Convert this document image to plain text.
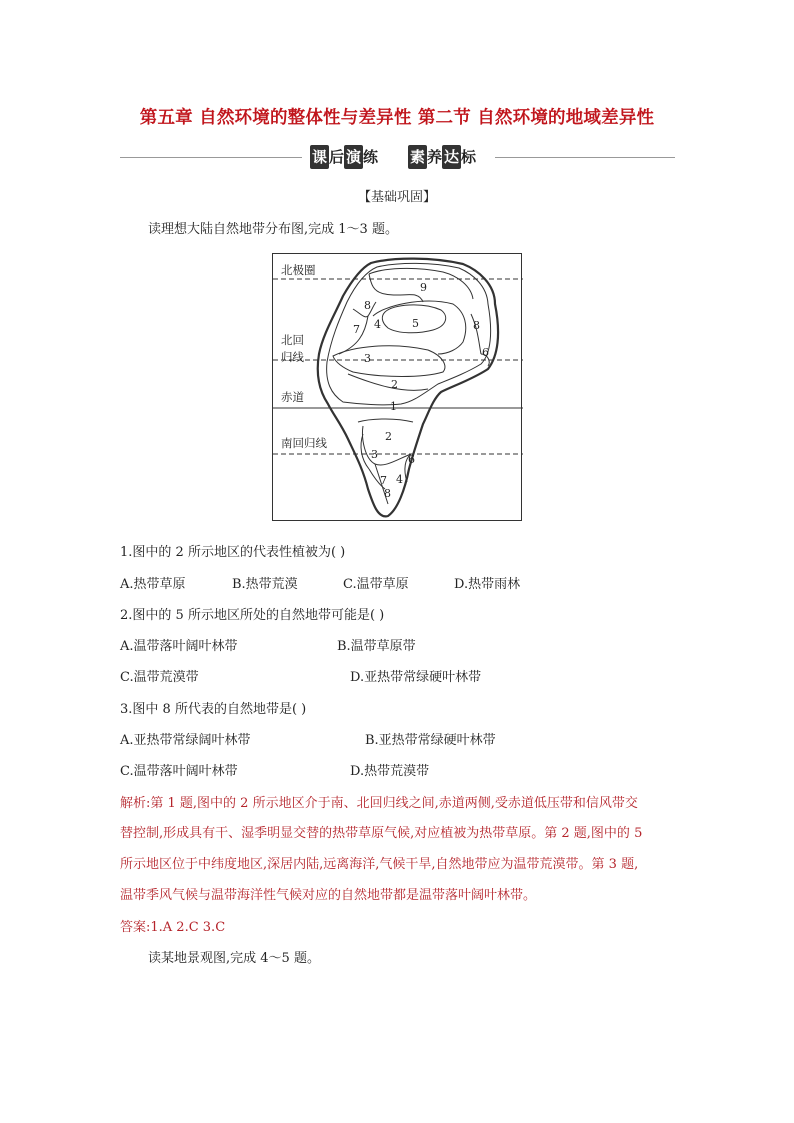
第五章 自然环境的整体性与差异性 第二节 自然环境的地域差异性
课 后 演 练 素 养 达 标
【基础巩固】
读理想大陆自然地带分布图,完成 1～3 题。
北极圈
北回
归线
赤道
南回归线
9
8
7 4	5	8
3	6
2
1
2
3	6
7 4
8
1.图中的 2 所示地区的代表性植被为( )
A.热带草原	B.热带荒漠	C.温带草原	D.热带雨林
2.图中的 5 所示地区所处的自然地带可能是( )
A.温带落叶阔叶林带	B.温带草原带
C.温带荒漠带	D.亚热带常绿硬叶林带
3.图中 8 所代表的自然地带是( )
A.亚热带常绿阔叶林带	B.亚热带常绿硬叶林带
C.温带落叶阔叶林带	D.热带荒漠带
解析:第 1 题,图中的 2 所示地区介于南、北回归线之间,赤道两侧,受赤道低压带和信风带交
替控制,形成具有干、湿季明显交替的热带草原气候,对应植被为热带草原。第 2 题,图中的 5
所示地区位于中纬度地区,深居内陆,远离海洋,气候干旱,自然地带应为温带荒漠带。第 3 题,
温带季风气候与温带海洋性气候对应的自然地带都是温带落叶阔叶林带。
答案:1.A 2.C 3.C
读某地景观图,完成 4～5 题。
